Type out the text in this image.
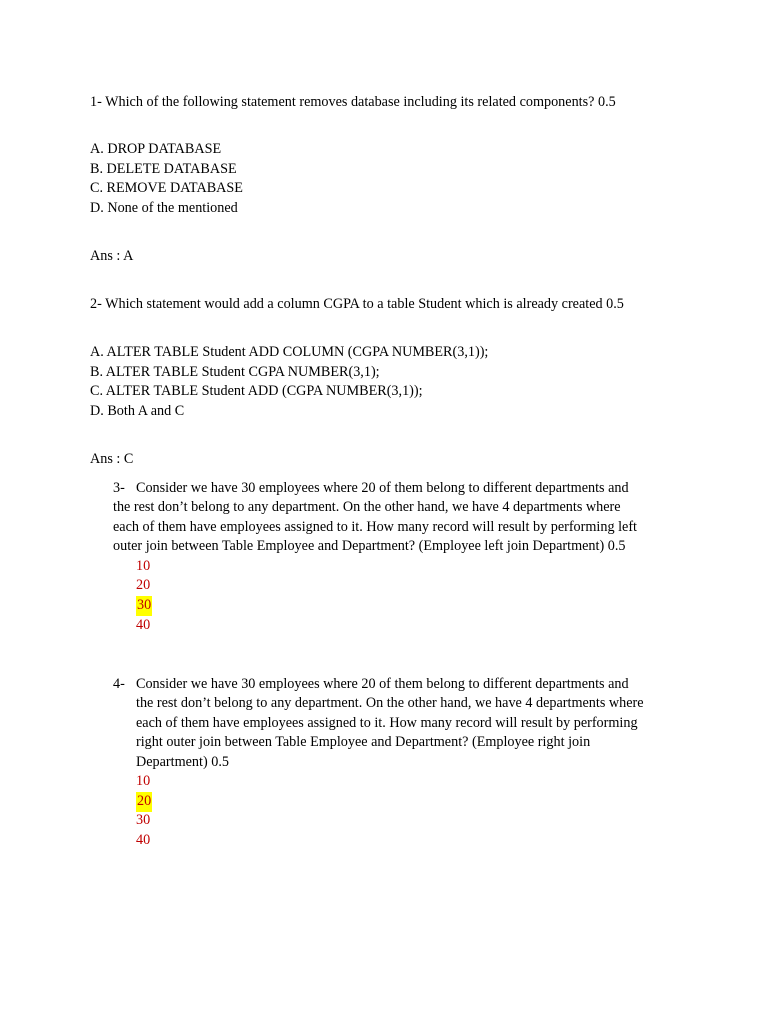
1- Which of the following statement removes database including its related components? 0.5
A. DROP DATABASE
B. DELETE DATABASE
C. REMOVE DATABASE
D. None of the mentioned
Ans : A
2- Which statement would add a column CGPA to a table Student which is already created 0.5
A. ALTER TABLE Student ADD COLUMN (CGPA NUMBER(3,1));
B. ALTER TABLE Student CGPA NUMBER(3,1);
C. ALTER TABLE Student ADD (CGPA NUMBER(3,1));
D. Both A and C
Ans : C
3- Consider we have 30 employees where 20 of them belong to different departments and
the rest don’t belong to any department. On the other hand, we have 4 departments where
each of them have employees assigned to it. How many record will result by performing left
outer join between Table Employee and Department? (Employee left join Department) 0.5
10
20
30
40
4- Consider we have 30 employees where 20 of them belong to different departments and
the rest don’t belong to any department. On the other hand, we have 4 departments where
each of them have employees assigned to it. How many record will result by performing
right outer join between Table Employee and Department? (Employee right join
Department) 0.5
10
20
30
40
